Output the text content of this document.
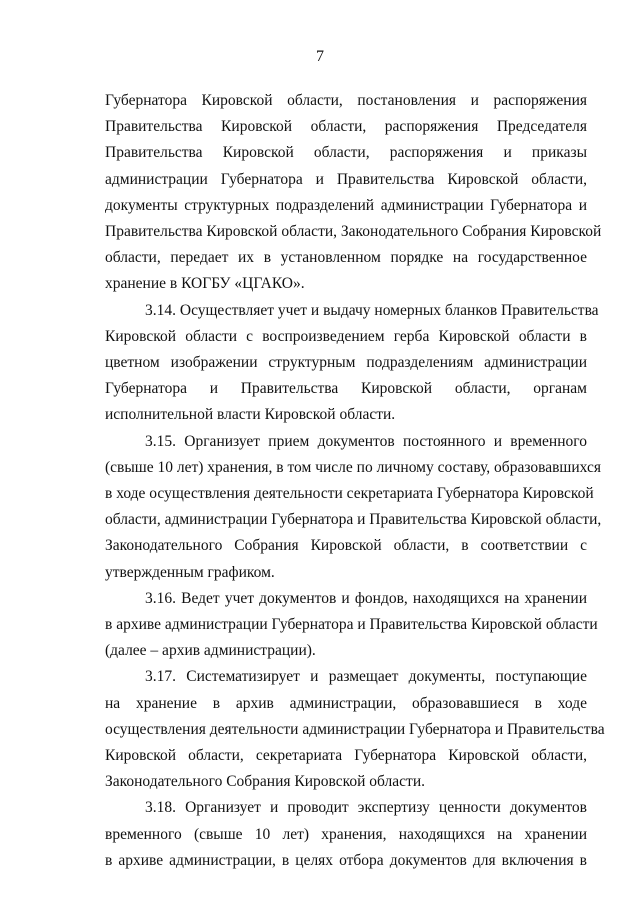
7

Губернатора Кировской области, постановления и распоряжения
Правительства Кировской области, распоряжения Председателя
Правительства Кировской области, распоряжения и приказы
администрации Губернатора и Правительства Кировской области,
документы структурных подразделений администрации Губернатора и
Правительства Кировской области, Законодательного Собрания Кировской
области, передает их в установленном порядке на государственное
хранение в КОГБУ «ЦГАКО».

3.14. Осуществляет учет и выдачу номерных бланков Правительства
Кировской области с воспроизведением герба Кировской области в
цветном изображении структурным подразделениям администрации
Губернатора и Правительства Кировской области, органам
исполнительной власти Кировской области.

3.15. Организует прием документов постоянного и временного
(свыше 10 лет) хранения, в том числе по личному составу, образовавшихся
в ходе осуществления деятельности секретариата Губернатора Кировской
области, администрации Губернатора и Правительства Кировской области,
Законодательного Собрания Кировской области, в соответствии с
утвержденным графиком.

3.16. Ведет учет документов и фондов, находящихся на хранении
в архиве администрации Губернатора и Правительства Кировской области
(далее – архив администрации).

3.17. Систематизирует и размещает документы, поступающие
на хранение в архив администрации, образовавшиеся в ходе
осуществления деятельности администрации Губернатора и Правительства
Кировской области, секретариата Губернатора Кировской области,
Законодательного Собрания Кировской области.

3.18. Организует и проводит экспертизу ценности документов
временного (свыше 10 лет) хранения, находящихся на хранении
в архиве администрации, в целях отбора документов для включения в
